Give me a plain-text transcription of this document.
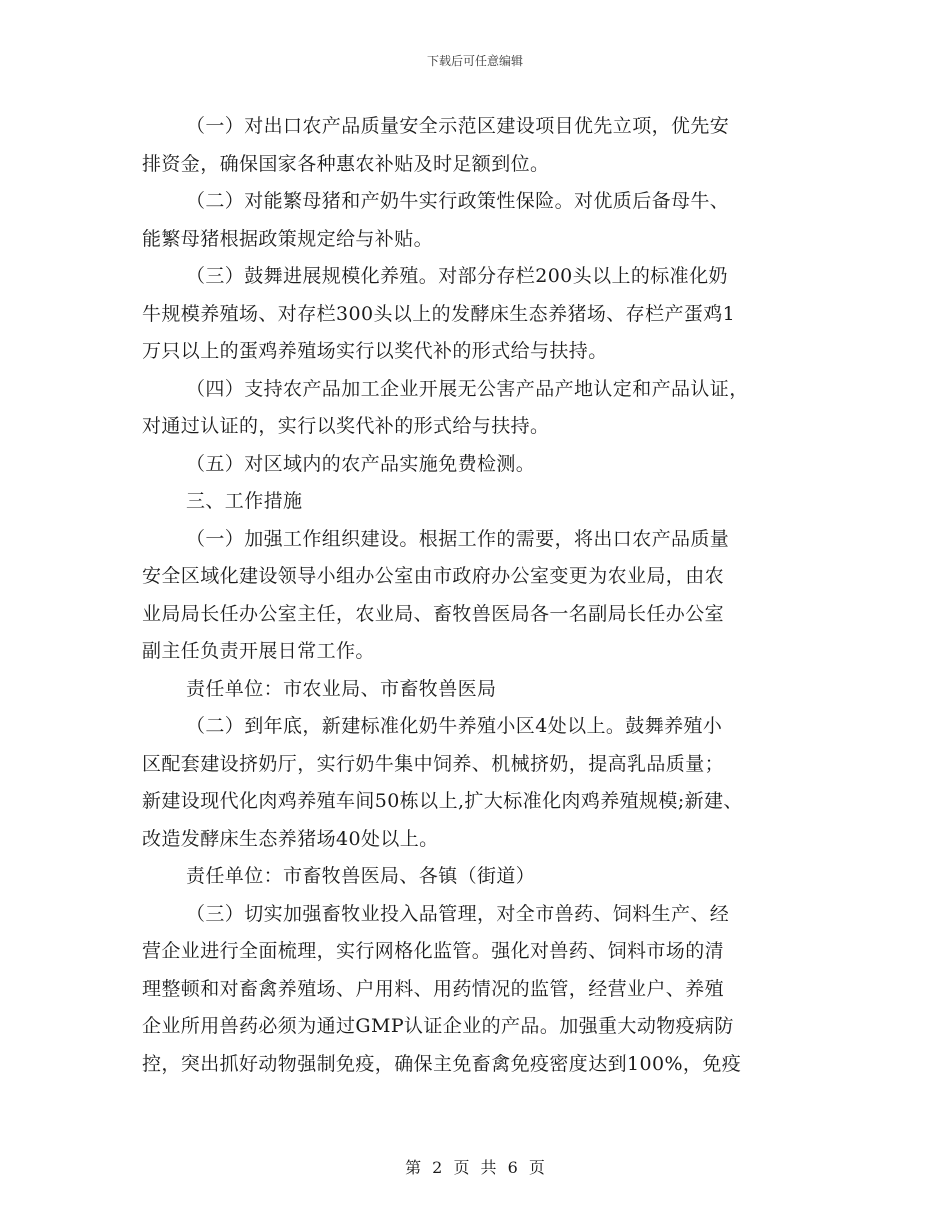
下载后可任意编辑
（一）对出口农产品质量安全示范区建设项目优先立项，优先安
排资金，确保国家各种惠农补贴及时足额到位。
（二）对能繁母猪和产奶牛实行政策性保险。对优质后备母牛、
能繁母猪根据政策规定给与补贴。
（三）鼓舞进展规模化养殖。对部分存栏200头以上的标准化奶
牛规模养殖场、对存栏300头以上的发酵床生态养猪场、存栏产蛋鸡1
万只以上的蛋鸡养殖场实行以奖代补的形式给与扶持。
（四）支持农产品加工企业开展无公害产品产地认定和产品认证，
对通过认证的，实行以奖代补的形式给与扶持。
（五）对区域内的农产品实施免费检测。
三、工作措施
（一）加强工作组织建设。根据工作的需要，将出口农产品质量
安全区域化建设领导小组办公室由市政府办公室变更为农业局，由农
业局局长任办公室主任，农业局、畜牧兽医局各一名副局长任办公室
副主任负责开展日常工作。
责任单位：市农业局、市畜牧兽医局
（二）到年底，新建标准化奶牛养殖小区4处以上。鼓舞养殖小
区配套建设挤奶厅，实行奶牛集中饲养、机械挤奶，提高乳品质量；
新建设现代化肉鸡养殖车间50栋以上,扩大标准化肉鸡养殖规模;新建、
改造发酵床生态养猪场40处以上。
责任单位：市畜牧兽医局、各镇（街道）
（三）切实加强畜牧业投入品管理，对全市兽药、饲料生产、经
营企业进行全面梳理，实行网格化监管。强化对兽药、饲料市场的清
理整顿和对畜禽养殖场、户用料、用药情况的监管，经营业户、养殖
企业所用兽药必须为通过GMP认证企业的产品。加强重大动物疫病防
控，突出抓好动物强制免疫，确保主免畜禽免疫密度达到100%，免疫
第 2 页 共 6 页
